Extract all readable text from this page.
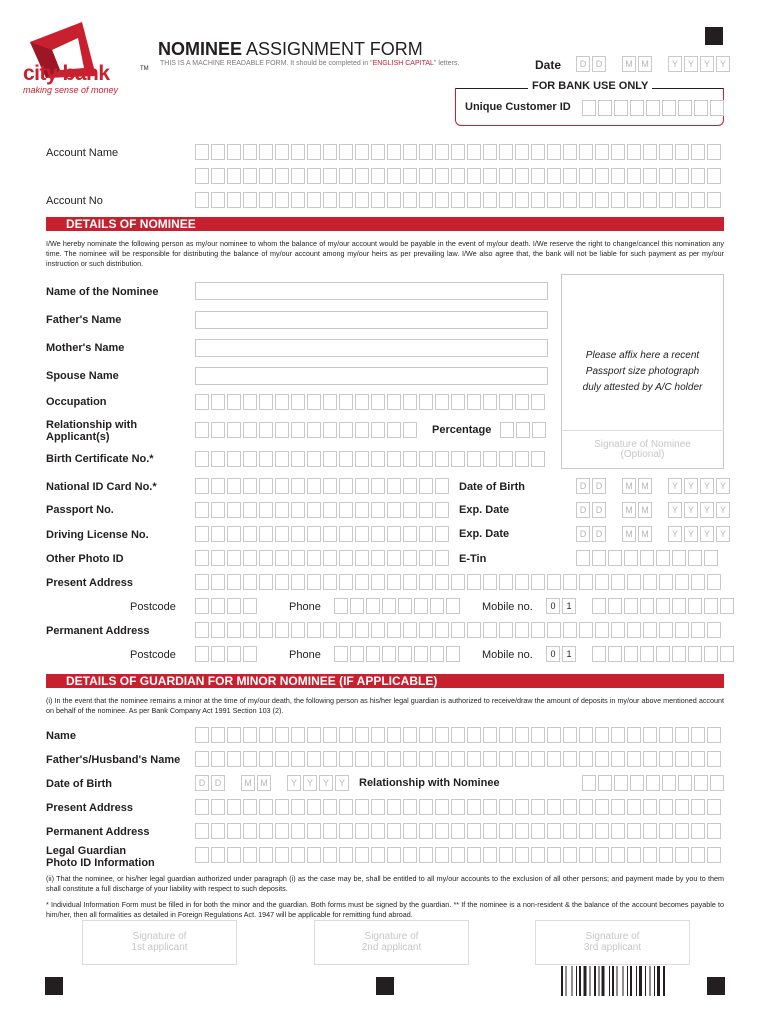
city bank	TM
making sense of money
NOMINEE ASSIGNMENT FORM
THIS IS A MACHINE READABLE FORM. It should be completed in "ENGLISH CAPITAL" letters.	Date	D	D	M M	Y	Y	Y	Y
FOR BANK USE ONLY
Unique Customer ID
Account Name
Account No
DETAILS OF NOMINEE
I/We hereby nominate the following person as my/our nominee to whom the balance of my/our account would be payable in the event of my/our death. I/We reserve the right to change/cancel this nomination any time. The nominee will be responsible for distributing the balance of my/our account among my/our heirs as per prevailing law. I/We also agree that, the bank will not be liable for such payment as per my/our instruction or such distribution.
Name of the Nominee
Father's Name
Mother's Name
Spouse Name
Occupation
Relationship with
Applicant(s)
Percentage
Birth Certificate No.*
National ID Card No.*	Date of Birth	D	D	M M	Y	Y	Y	Y
Passport No.	Exp. Date	D	D	M M	Y	Y	Y	Y
Driving License No.	Exp. Date	D	D	M M	Y	Y	Y	Y
Other Photo ID	E-Tin
Present Address
Postcode	Phone	Mobile no.	0	1
Permanent Address
Postcode	Phone	Mobile no.	0	1
Please affix here a recent
Passport size photograph
duly attested by A/C holder
Signature of Nominee
(Optional)
DETAILS OF GUARDIAN FOR MINOR NOMINEE (IF APPLICABLE)
(i) In the event that the nominee remains a minor at the time of my/our death, the following person as his/her legal guardian is authorized to receive/draw the amount of deposits in my/our above mentioned account on behalf of the nominee. As per Bank Company Act 1991 Section 103 (2).
Name
Father's/Husband's Name
Date of Birth	D	D	M M	Y	Y	Y	Y	Relationship with Nominee
Present Address
Permanent Address
Legal Guardian
Photo ID Information
(ii) That the nominee, or his/her legal guardian authorized under paragraph (i) as the case may be, shall be entitled to all my/our accounts to the exclusion of all other persons; and payment made by you to them shall constitute a full discharge of your liability with respect to such deposits.
* Individual Information Form must be filled in for both the minor and the guardian. Both forms must be signed by the guardian. ** If the nominee is a non-resident & the balance of the account becomes payable to him/her, then all formalities as detailed in Foreign Regulations Act. 1947 will be applicable for remitting fund abroad.
Signature of
1st applicant
Signature of
2nd applicant
Signature of
3rd applicant
